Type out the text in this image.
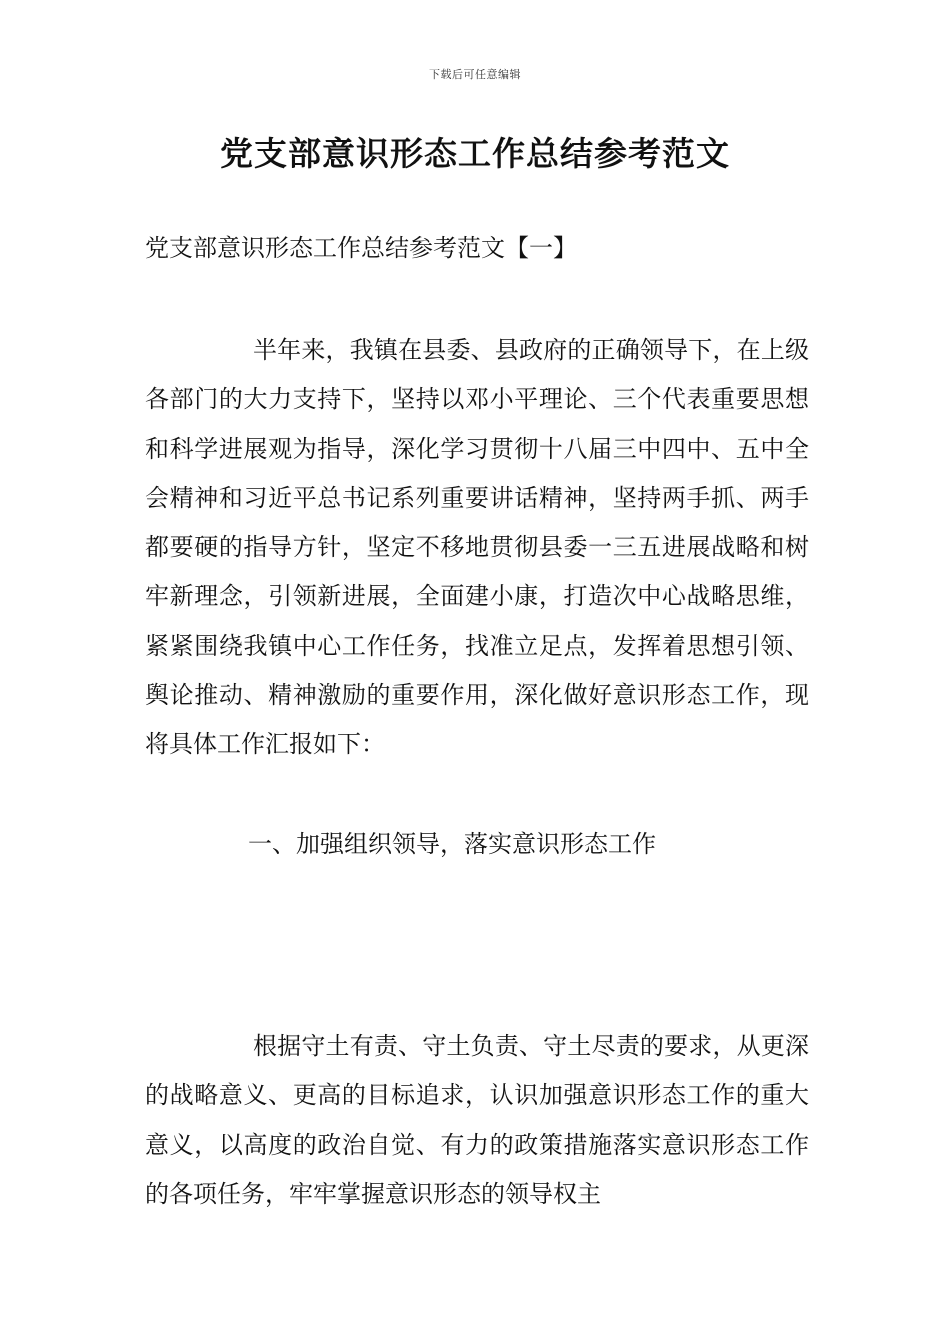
下载后可任意编辑
党支部意识形态工作总结参考范文

党支部意识形态工作总结参考范文【一】

半年来，我镇在县委、县政府的正确领导下，在上级各部门的大力支持下，坚持以邓小平理论、三个代表重要思想和科学进展观为指导，深化学习贯彻十八届三中四中、五中全会精神和习近平总书记系列重要讲话精神，坚持两手抓、两手都要硬的指导方针，坚定不移地贯彻县委一三五进展战略和树牢新理念，引领新进展，全面建小康，打造次中心战略思维，紧紧围绕我镇中心工作任务，找准立足点，发挥着思想引领、舆论推动、精神激励的重要作用，深化做好意识形态工作，现将具体工作汇报如下：

一、加强组织领导，落实意识形态工作

根据守土有责、守土负责、守土尽责的要求，从更深的战略意义、更高的目标追求，认识加强意识形态工作的重大意义，以高度的政治自觉、有力的政策措施落实意识形态工作的各项任务，牢牢掌握意识形态的领导权主
